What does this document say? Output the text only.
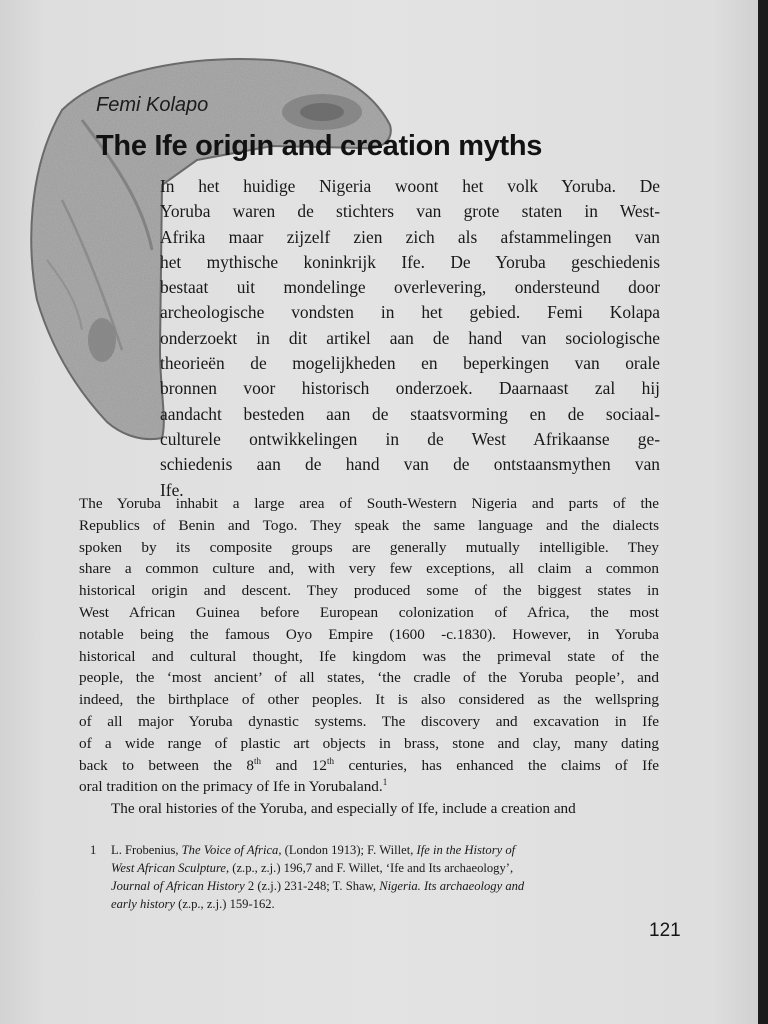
Femi Kolapo

The Ife origin and creation myths
In het huidige Nigeria woont het volk Yoruba. De
Yoruba waren de stichters van grote staten in West-
Afrika maar zijzelf zien zich als afstammelingen van
het mythische koninkrijk Ife. De Yoruba geschiedenis
bestaat uit mondelinge overlevering, ondersteund door
archeologische vondsten in het gebied. Femi Kolapa
onderzoekt in dit artikel aan de hand van sociologische
theorieën de mogelijkheden en beperkingen van orale
bronnen voor historisch onderzoek. Daarnaast zal hij
aandacht besteden aan de staatsvorming en de sociaal-
culturele ontwikkelingen in de West Afrikaanse ge-
schiedenis aan de hand van de ontstaansmythen van
Ife.
The Yoruba inhabit a large area of South-Western Nigeria and parts of the
Republics of Benin and Togo. They speak the same language and the dialects
spoken by its composite groups are generally mutually intelligible. They
share a common culture and, with very few exceptions, all claim a common
historical origin and descent. They produced some of the biggest states in
West African Guinea before European colonization of Africa, the most
notable being the famous Oyo Empire (1600 -c.1830). However, in Yoruba
historical and cultural thought, Ife kingdom was the primeval state of the
people, the ‘most ancient’ of all states, ‘the cradle of the Yoruba people’, and
indeed, the birthplace of other peoples. It is also considered as the wellspring
of all major Yoruba dynastic systems. The discovery and excavation in Ife
of a wide range of plastic art objects in brass, stone and clay, many dating
back to between the 8th and 12th centuries, has enhanced the claims of Ife
oral tradition on the primacy of Ife in Yorubaland.$^1$
The oral histories of the Yoruba, and especially of Ife, include a creation and
1 L. Frobenius, The Voice of Africa, (London 1913); F. Willet, Ife in the History of
West African Sculpture, (z.p., z.j.) 196,7 and F. Willet, ‘Ife and Its archaeology’,
Journal of African History 2 (z.j.) 231-248; T. Shaw, Nigeria. Its archaeology and
early history (z.p., z.j.) 159-162.
121
